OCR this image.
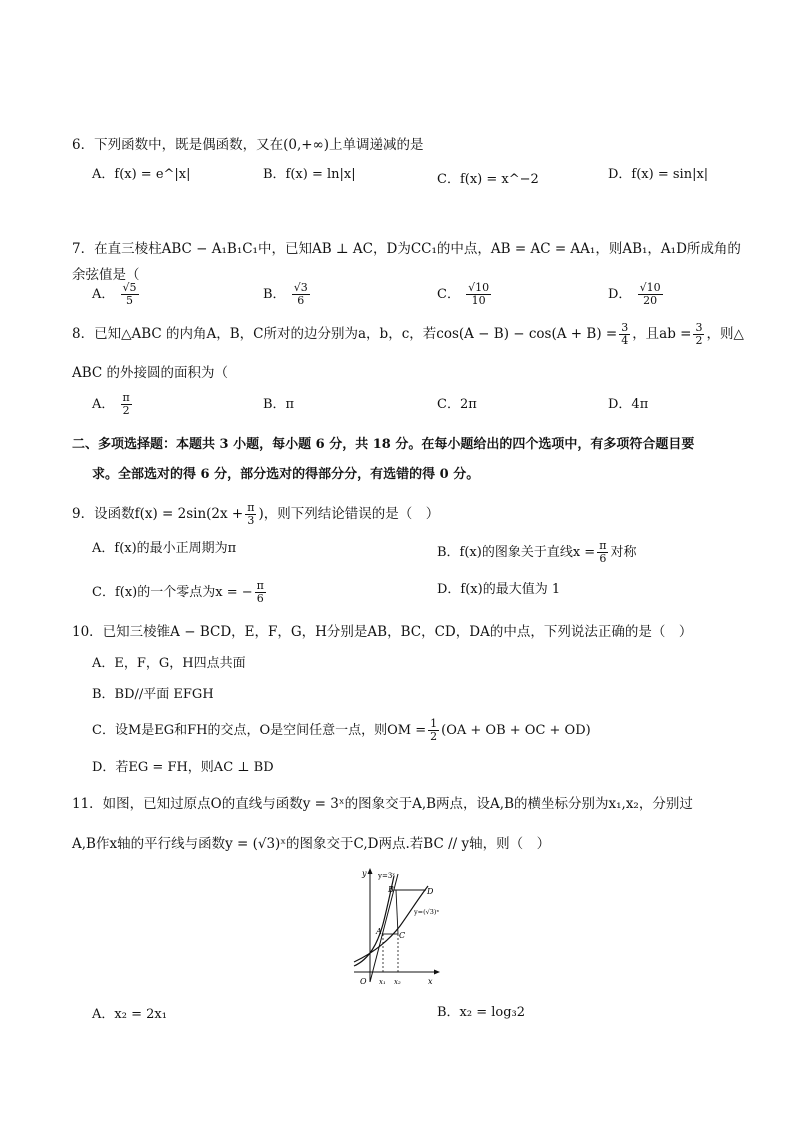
6．下列函数中，既是偶函数，又在(0,+∞)上单调递减的是
A．f(x) = e^|x|	B．f(x) = ln|x|	C．f(x) = x^−2	D．f(x) = sin|x|
7．在直三棱柱ABC − A₁B₁C₁中，已知AB ⊥ AC，D为CC₁的中点，AB = AC = AA₁，则AB₁，A₁D所成角的
余弦值是（
A． $\frac{√5}{5}$	B． $\frac{√3}{6}$	C． $\frac{√10}{10}$	D． $\frac{√10}{20}$
8．已知△ABC 的内角A，B，C所对的边分别为a，b，c，若$\cos(A - B) - \cos(A + B) = \frac{3}{4}$ ，且ab = $\frac{3}{2}$ ，则△
ABC 的外接圆的面积为（
A． $\frac{\pi}{2}$	B．π	C．2π	D．4π
二、多项选择题：本题共 3 小题，每小题 6 分，共 18 分。在每小题给出的四个选项中，有多项符合题目要
求。全部选对的得 6 分，部分选对的得部分分，有选错的得 0 分。
9．设函数$f(x) = 2\sin(2x + \frac{\pi}{3}$ )，则下列结论错误的是（　）
A．f(x)的最小正周期为π	B．f(x)的图象关于直线$x = \frac{\pi}{6}$ 对称
C．f(x)的一个零点为x = − $\frac{\pi}{6}$	D．f(x)的最大值为 1
10．已知三棱锥A − BCD，E，F，G，H分别是AB，BC，CD，DA的中点，下列说法正确的是（　）
A．E，F，G，H四点共面
B．BD//平面 EFGH
C．设M是EG和FH的交点，O是空间任意一点，则OM = $\frac{1}{2} (OA$ + OB + OC + OD)
D．若EG = FH，则AC ⊥ BD
11．如图，已知过原点O的直线与函数y = 3ˣ的图象交于A,B两点，设A,B的横坐标分别为x₁,x₂，分别过
A,B作x轴的平行线与函数y = (√3)ˣ的图象交于C,D两点.若BC // y轴，则（　）
y y=3ˣ
B	D
y=(√3)ˣ
A C
O x₁ x₂	x
A．x₂ = 2x₁	B．x₂ = log₃2
